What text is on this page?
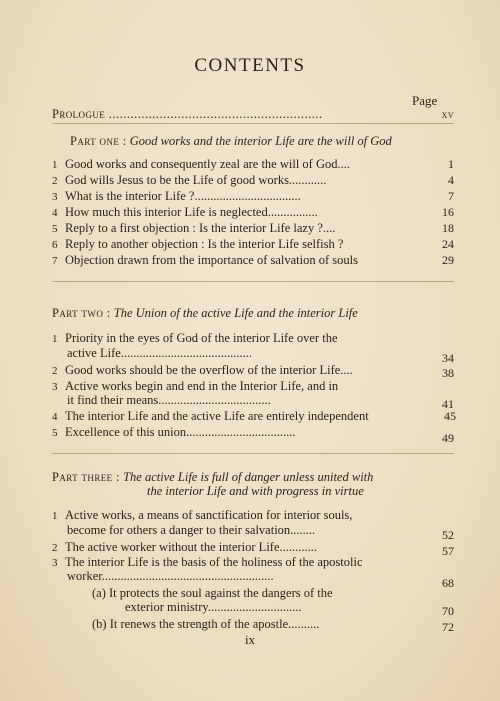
CONTENTS
Page
Prologue ...........................................................	xv
Part one : Good works and the interior Life are the will of God
1 Good works and consequently zeal are the will of God....	1
2 God wills Jesus to be the Life of good works............	4
3 What is the interior Life ?..................................	7
4 How much this interior Life is neglected................	16
5 Reply to a first objection : Is the interior Life lazy ?....	18
6 Reply to another objection : Is the interior Life selfish ?	24
7 Objection drawn from the importance of salvation of souls	29
Part two : The Union of the active Life and the interior Life
1 Priority in the eyes of God of the interior Life over the
active Life..........................................	34
2 Good works should be the overflow of the interior Life....	38
3 Active works begin and end in the Interior Life, and in
it find their means....................................	41
4 The interior Life and the active Life are entirely independent	45
5 Excellence of this union...................................	49
Part three : The active Life is full of danger unless united with
the interior Life and with progress in virtue
1 Active works, a means of sanctification for interior souls,
become for others a danger to their salvation........	52
2 The active worker without the interior Life............	57
3 The interior Life is the basis of the holiness of the apostolic
worker.......................................................	68
(a) It protects the soul against the dangers of the
exterior ministry..............................	70
(b) It renews the strength of the apostle..........	72
ix
